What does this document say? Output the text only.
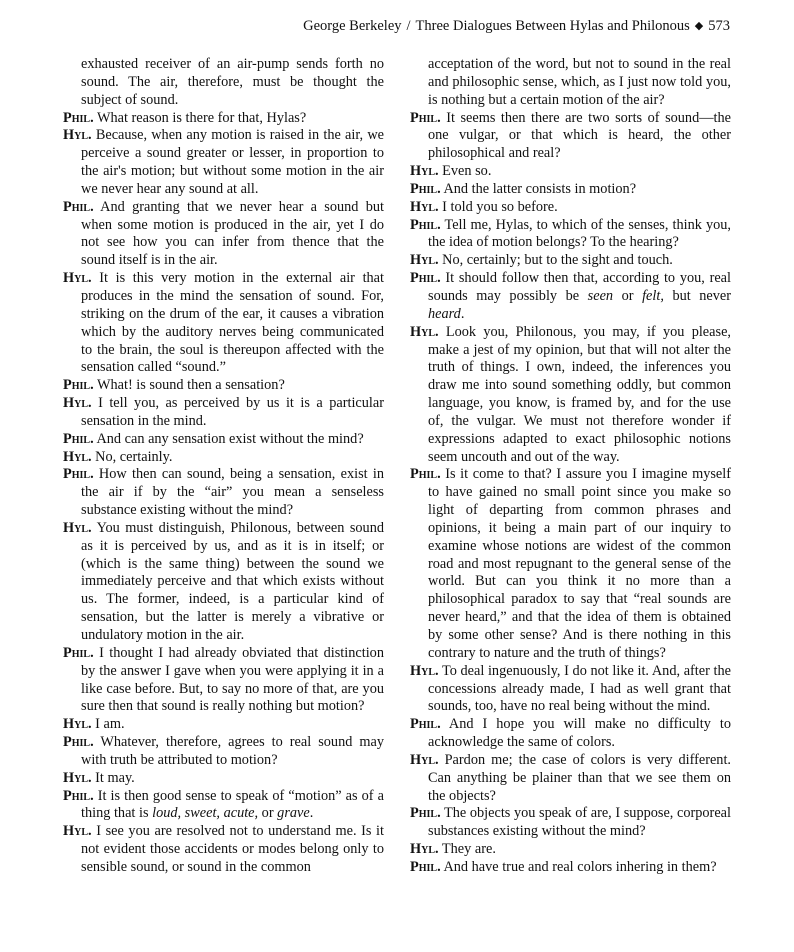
George Berkeley / Three Dialogues Between Hylas and Philonous ◆ 573

exhausted receiver of an air-pump sends forth no sound. The air, therefore, must be thought the subject of sound.

Phil. What reason is there for that, Hylas?

Hyl. Because, when any motion is raised in the air, we perceive a sound greater or lesser, in proportion to the air's motion; but without some motion in the air we never hear any sound at all.

Phil. And granting that we never hear a sound but when some motion is produced in the air, yet I do not see how you can infer from thence that the sound itself is in the air.

Hyl. It is this very motion in the external air that produces in the mind the sensation of sound. For, striking on the drum of the ear, it causes a vibration which by the auditory nerves being communicated to the brain, the soul is thereupon affected with the sensation called “sound.”

Phil. What! is sound then a sensation?

Hyl. I tell you, as perceived by us it is a particular sensation in the mind.

Phil. And can any sensation exist without the mind?

Hyl. No, certainly.

Phil. How then can sound, being a sensation, exist in the air if by the “air” you mean a senseless substance existing without the mind?

Hyl. You must distinguish, Philonous, between sound as it is perceived by us, and as it is in itself; or (which is the same thing) between the sound we immediately perceive and that which exists without us. The former, indeed, is a particular kind of sensation, but the latter is merely a vibrative or undulatory motion in the air.

Phil. I thought I had already obviated that distinction by the answer I gave when you were applying it in a like case before. But, to say no more of that, are you sure then that sound is really nothing but motion?

Hyl. I am.

Phil. Whatever, therefore, agrees to real sound may with truth be attributed to motion?

Hyl. It may.

Phil. It is then good sense to speak of “motion” as of a thing that is loud, sweet, acute, or grave.

Hyl. I see you are resolved not to understand me. Is it not evident those accidents or modes belong only to sensible sound, or sound in the common

acceptation of the word, but not to sound in the real and philosophic sense, which, as I just now told you, is nothing but a certain motion of the air?

Phil. It seems then there are two sorts of sound—the one vulgar, or that which is heard, the other philosophical and real?

Hyl. Even so.

Phil. And the latter consists in motion?

Hyl. I told you so before.

Phil. Tell me, Hylas, to which of the senses, think you, the idea of motion belongs? To the hearing?

Hyl. No, certainly; but to the sight and touch.

Phil. It should follow then that, according to you, real sounds may possibly be seen or felt, but never heard.

Hyl. Look you, Philonous, you may, if you please, make a jest of my opinion, but that will not alter the truth of things. I own, indeed, the inferences you draw me into sound something oddly, but common language, you know, is framed by, and for the use of, the vulgar. We must not therefore wonder if expressions adapted to exact philosophic notions seem uncouth and out of the way.

Phil. Is it come to that? I assure you I imagine myself to have gained no small point since you make so light of departing from common phrases and opinions, it being a main part of our inquiry to examine whose notions are widest of the common road and most repugnant to the general sense of the world. But can you think it no more than a philosophical paradox to say that “real sounds are never heard,” and that the idea of them is obtained by some other sense? And is there nothing in this contrary to nature and the truth of things?

Hyl. To deal ingenuously, I do not like it. And, after the concessions already made, I had as well grant that sounds, too, have no real being without the mind.

Phil. And I hope you will make no difficulty to acknowledge the same of colors.

Hyl. Pardon me; the case of colors is very different. Can anything be plainer than that we see them on the objects?

Phil. The objects you speak of are, I suppose, corporeal substances existing without the mind?

Hyl. They are.

Phil. And have true and real colors inhering in them?
